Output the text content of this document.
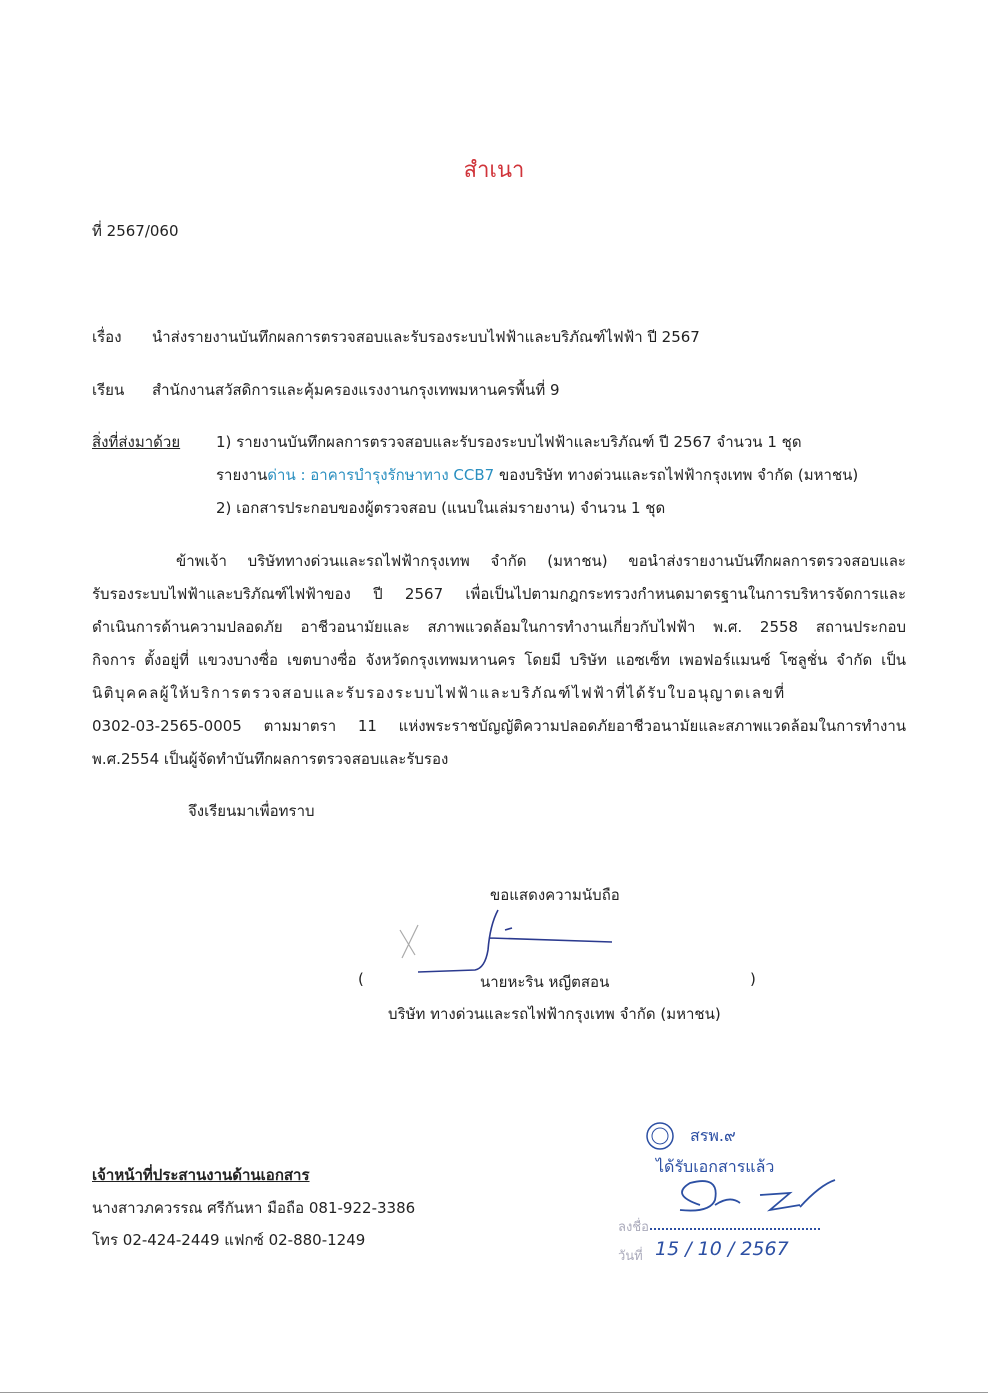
สำเนา
ที่ 2567/060
เรื่อง นำส่งรายงานบันทึกผลการตรวจสอบและรับรองระบบไฟฟ้าและบริภัณฑ์ไฟฟ้า ปี 2567
เรียน สำนักงานสวัสดิการและคุ้มครองแรงงานกรุงเทพมหานครพื้นที่ 9
สิ่งที่ส่งมาด้วย 1) รายงานบันทึกผลการตรวจสอบและรับรองระบบไฟฟ้าและบริภัณฑ์ ปี 2567 จำนวน 1 ชุด
รายงานด่าน : อาคารบำรุงรักษาทาง CCB7 ของบริษัท ทางด่วนและรถไฟฟ้ากรุงเทพ จำกัด (มหาชน)
2) เอกสารประกอบของผู้ตรวจสอบ (แนบในเล่มรายงาน) จำนวน 1 ชุด
ข้าพเจ้า บริษัททางด่วนและรถไฟฟ้ากรุงเทพ จำกัด (มหาชน) ขอนำส่งรายงานบันทึกผลการตรวจสอบและ
รับรองระบบไฟฟ้าและบริภัณฑ์ไฟฟ้าของ ปี 2567 เพื่อเป็นไปตามกฎกระทรวงกำหนดมาตรฐานในการบริหารจัดการและ
ดำเนินการด้านความปลอดภัย อาชีวอนามัยและ สภาพแวดล้อมในการทำงานเกี่ยวกับไฟฟ้า พ.ศ. 2558 สถานประกอบ
กิจการ ตั้งอยู่ที่ แขวงบางซื่อ เขตบางซื่อ จังหวัดกรุงเทพมหานคร โดยมี บริษัท แอซเซ็ท เพอฟอร์แมนซ์ โซลูชั่น จำกัด เป็น
นิติบุคคลผู้ให้บริการตรวจสอบและรับรองระบบไฟฟ้าและบริภัณฑ์ไฟฟ้าที่ได้รับใบอนุญาตเลขที่
0302-03-2565-0005 ตามมาตรา 11 แห่งพระราชบัญญัติความปลอดภัยอาชีวอนามัยและสภาพแวดล้อมในการทำงาน
พ.ศ.2554 เป็นผู้จัดทำบันทึกผลการตรวจสอบและรับรอง
จึงเรียนมาเพื่อทราบ
ขอแสดงความนับถือ
(	นายหะริน หญีตสอน	)
บริษัท ทางด่วนและรถไฟฟ้ากรุงเทพ จำกัด (มหาชน)
เจ้าหน้าที่ประสานงานด้านเอกสาร
นางสาวภควรรณ ศรีกันหา มือถือ 081-922-3386
โทร 02-424-2449 แฟกซ์ 02-880-1249
สรพ.๙
ได้รับเอกสารแล้ว
ลงชื่อ
วันที่ 15 / 10 / 2567
